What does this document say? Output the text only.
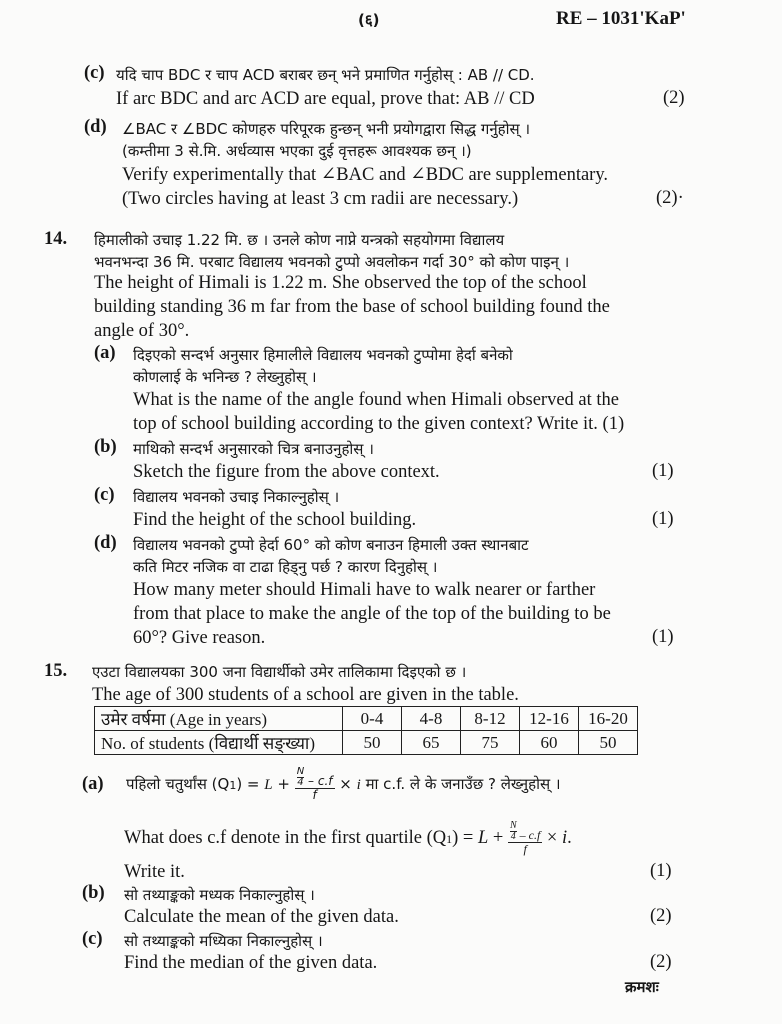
(६)	RE – 1031'KaP'
(c) यदि चाप BDC र चाप ACD बराबर छन् भने प्रमाणित गर्नुहोस् : AB // CD.
If arc BDC and arc ACD are equal, prove that: AB // CD	(2)
(d) ∠BAC र ∠BDC कोणहरु परिपूरक हुन्छन् भनी प्रयोगद्वारा सिद्ध गर्नुहोस् ।
(कम्तीमा 3 से.मि. अर्धव्यास भएका दुई वृत्तहरू आवश्यक छन् ।)
Verify experimentally that ∠BAC and ∠BDC are supplementary.
(Two circles having at least 3 cm radii are necessary.)	(2)·
14. हिमालीको उचाइ 1.22 मि. छ । उनले कोण नाप्ने यन्त्रको सहयोगमा विद्यालय
भवनभन्दा 36 मि. परबाट विद्यालय भवनको टुप्पो अवलोकन गर्दा 30° को कोण पाइन् ।
The height of Himali is 1.22 m. She observed the top of the school
building standing 36 m far from the base of school building found the
angle of 30°.
(a) दिइएको सन्दर्भ अनुसार हिमालीले विद्यालय भवनको टुप्पोमा हेर्दा बनेको
कोणलाई के भनिन्छ ? लेख्नुहोस् ।
What is the name of the angle found when Himali observed at the
top of school building according to the given context? Write it. (1)
(b) माथिको सन्दर्भ अनुसारको चित्र बनाउनुहोस् ।
Sketch the figure from the above context.	(1)
(c) विद्यालय भवनको उचाइ निकाल्नुहोस् ।
Find the height of the school building.	(1)
(d) विद्यालय भवनको टुप्पो हेर्दा 60° को कोण बनाउन हिमाली उक्त स्थानबाट
कति मिटर नजिक वा टाढा हिड्नु पर्छ ? कारण दिनुहोस् ।
How many meter should Himali have to walk nearer or farther
from that place to make the angle of the top of the building to be
60°? Give reason.	(1)
15. एउटा विद्यालयका 300 जना विद्यार्थीको उमेर तालिकामा दिइएको छ ।
The age of 300 students of a school are given in the table.
उमेर वर्षमा (Age in years)	0-4	4-8	8-12	12-16	16-20
No. of students (विद्यार्थी सङ्ख्या)	50	65	75	60	50
(a) पहिलो चतुर्थांस $(Q1) = L + \frac{\frac{N}{4} - c.f}{f} \times i$ मा c.f. ले के जनाउँछ ? लेख्नुहोस् ।
What does c.f denote in the first quartile $(Q1) = L + \frac{\frac{N}{4} - c.f}{f} \times i$.
Write it.	(1)
(b) सो तथ्याङ्कको मध्यक निकाल्नुहोस् ।
Calculate the mean of the given data.	(2)
(c) सो तथ्याङ्कको मध्यिका निकाल्नुहोस् ।
Find the median of the given data.	(2)
क्रमशः
